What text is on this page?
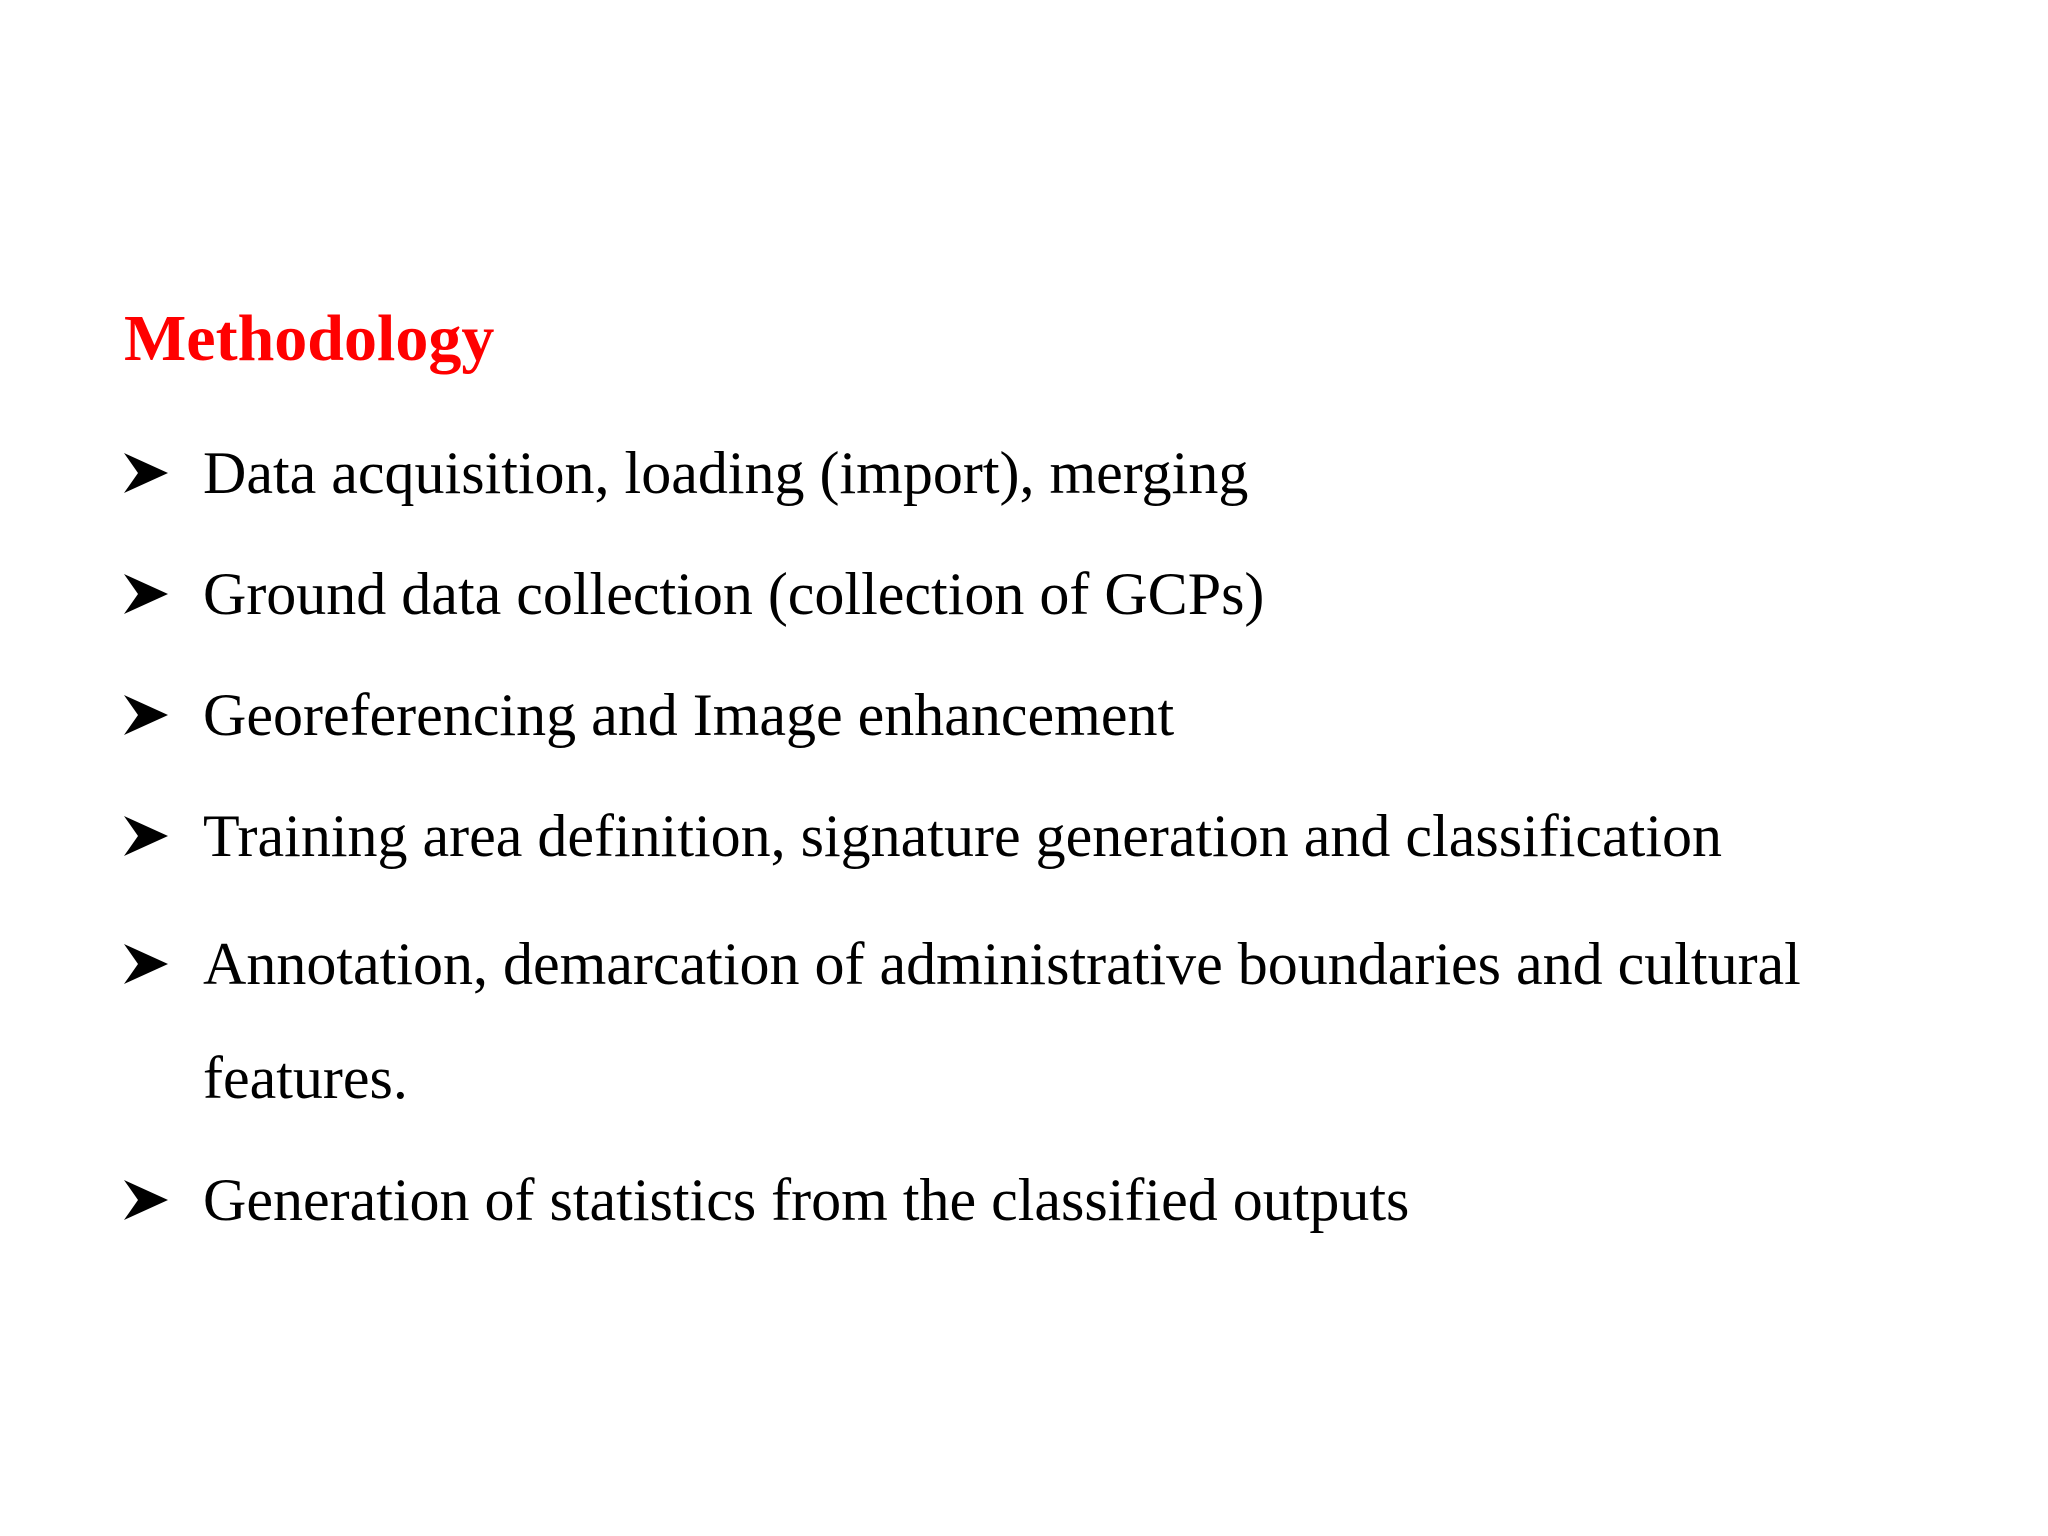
Methodology
Data acquisition, loading (import), merging
Ground data collection (collection of GCPs)
Georeferencing and Image enhancement
Training area definition, signature generation and classification
Annotation, demarcation of administrative boundaries and cultural features.
Generation of statistics from the classified outputs
